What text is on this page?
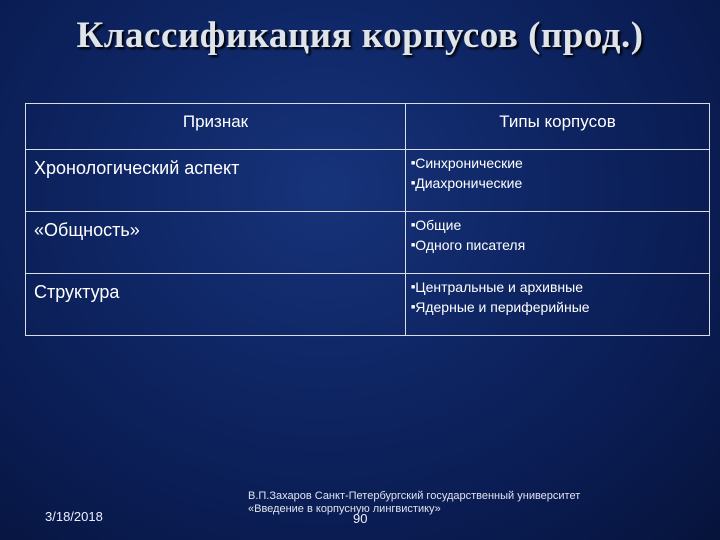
Классификация корпусов (прод.)
Признак	Типы корпусов
Хронологический аспект	■Синхронические
■Диахронические

«Общность»	■Общие
■Одного писателя

Структура	■Центральные и архивные
■Ядерные и периферийные
3/18/2018
В.П.Захаров Санкт-Петербургский государственный университет
«Введение в корпусную лингвистику»
90
